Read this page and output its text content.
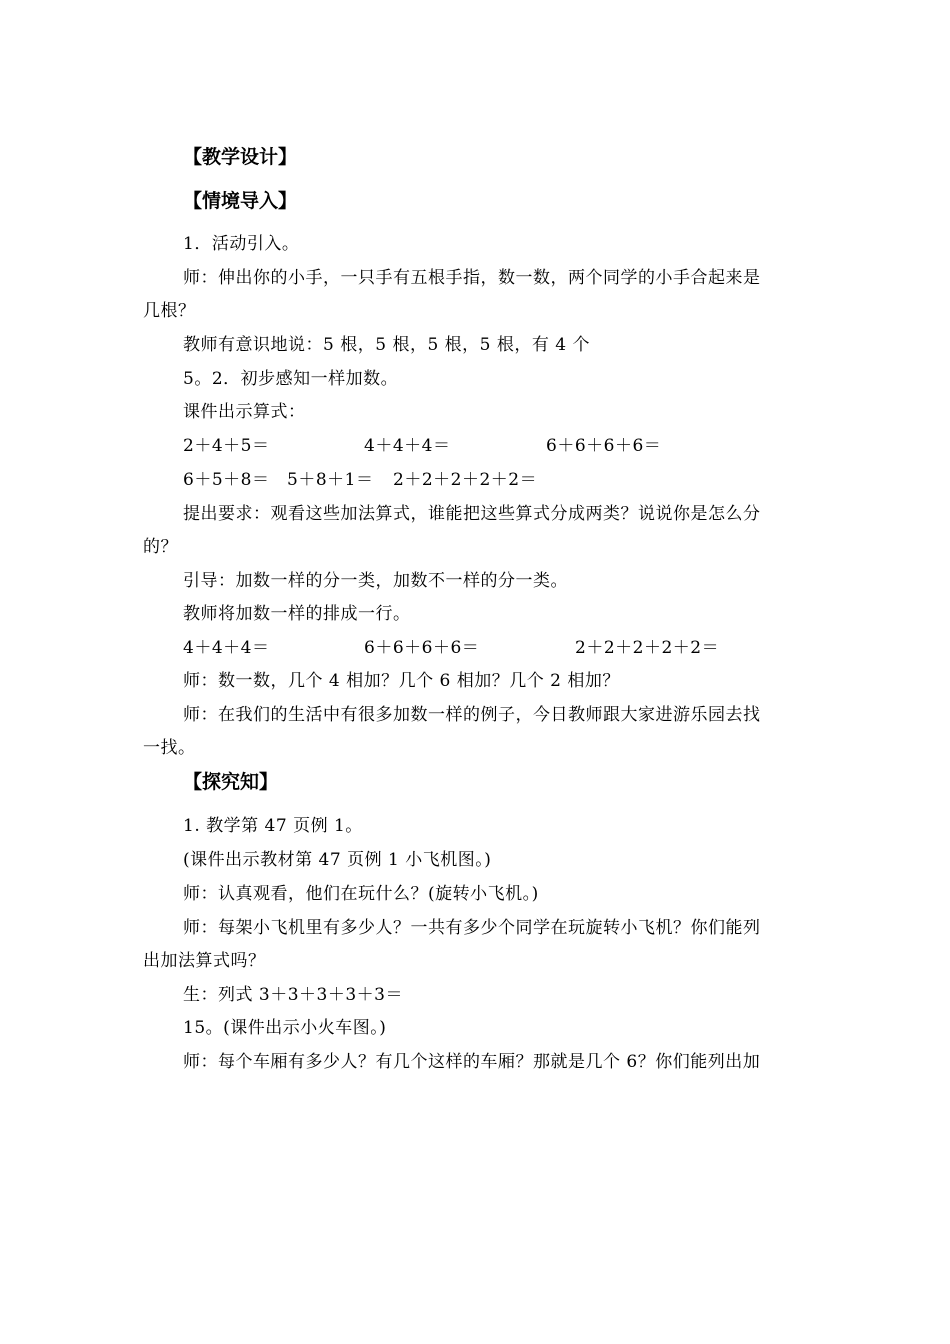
【教学设计】
【情境导入】
1．活动引入。
师：伸出你的小手，一只手有五根手指，数一数，两个同学的小手合起来是
几根？
教师有意识地说：5 根，5 根，5 根，5 根，有 4 个
5。2．初步感知一样加数。
课件出示算式：
2＋4＋5＝	4＋4＋4＝	6＋6＋6＋6＝
6＋5＋8＝ 5＋8＋1＝ 2＋2＋2＋2＋2＝
提出要求：观看这些加法算式，谁能把这些算式分成两类？说说你是怎么分
的？
引导：加数一样的分一类，加数不一样的分一类。
教师将加数一样的排成一行。
4＋4＋4＝	6＋6＋6＋6＝	2＋2＋2＋2＋2＝
师：数一数，几个 4 相加？几个 6 相加？几个 2 相加？
师：在我们的生活中有很多加数一样的例子，今日教师跟大家进游乐园去找
一找。
【探究知】
1. 教学第 47 页例 1。
(课件出示教材第 47 页例 1 小飞机图。)
师：认真观看，他们在玩什么？(旋转小飞机。)
师：每架小飞机里有多少人？一共有多少个同学在玩旋转小飞机？你们能列
出加法算式吗？
生：列式 3＋3＋3＋3＋3＝
15。(课件出示小火车图。)
师：每个车厢有多少人？有几个这样的车厢？那就是几个 6？你们能列出加
